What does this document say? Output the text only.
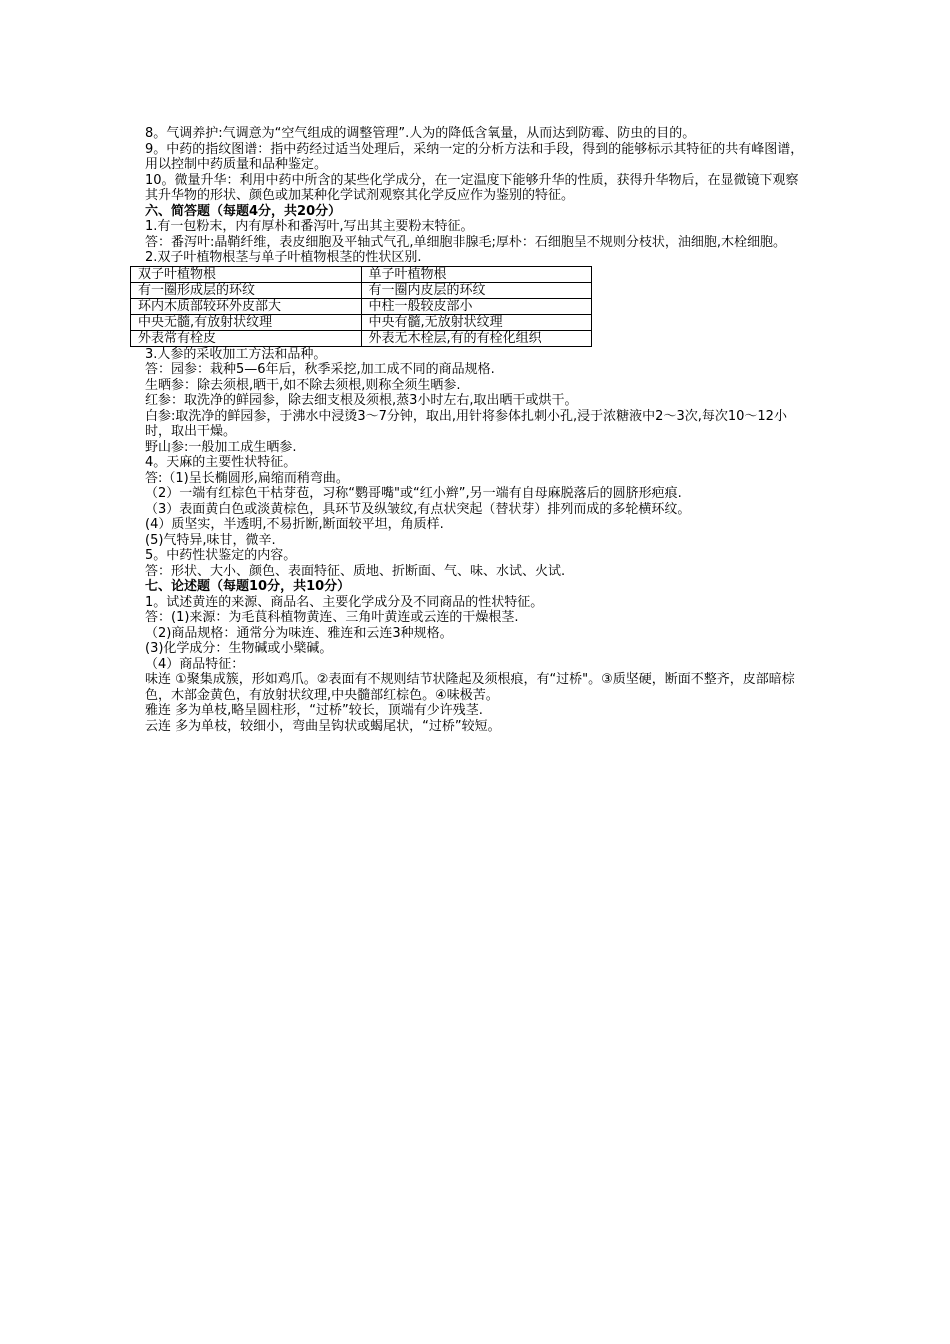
8。气调养护:气调意为“空气组成的调整管理”.人为的降低含氧量，从而达到防霉、防虫的目的。

9。中药的指纹图谱：指中药经过适当处理后，采纳一定的分析方法和手段，得到的能够标示其特征的共有峰图谱，用以控制中药质量和品种鉴定。

10。微量升华：利用中药中所含的某些化学成分，在一定温度下能够升华的性质，获得升华物后，在显微镜下观察其升华物的形状、颜色或加某种化学试剂观察其化学反应作为鉴别的特征。

六、简答题（每题4分，共20分）

1.有一包粉末，内有厚朴和番泻叶,写出其主要粉末特征。

答：番泻叶:晶鞘纤维，表皮细胞及平轴式气孔,单细胞非腺毛;厚朴：石细胞呈不规则分枝状，油细胞,木栓细胞。

2.双子叶植物根茎与单子叶植物根茎的性状区别.

双子叶植物根	单子叶植物根
有一圈形成层的环纹	有一圈内皮层的环纹
环内木质部较环外皮部大	中柱一般较皮部小
中央无髓,有放射状纹理	中央有髓,无放射状纹理
外表常有栓皮	外表无木栓层,有的有栓化组织

3.人参的采收加工方法和品种。

答：园参：栽种5—6年后，秋季采挖,加工成不同的商品规格.

生晒参：除去须根,晒干,如不除去须根,则称全须生晒参.

红参：取洗净的鲜园参，除去细支根及须根,蒸3小时左右,取出晒干或烘干。

白参:取洗净的鲜园参，于沸水中浸烫3～7分钟，取出,用针将参体扎刺小孔,浸于浓糖液中2～3次,每次10～12小时，取出干燥。

野山参:一般加工成生晒参.

4。天麻的主要性状特征。

答:（1)呈长椭圆形,扁缩而稍弯曲。

（2）一端有红棕色干枯芽苞，习称“鹦哥嘴"或“红小辫”,另一端有自母麻脱落后的圆脐形疤痕.

（3）表面黄白色或淡黄棕色，具环节及纵皱纹,有点状突起（替状芽）排列而成的多轮横环纹。

(4）质坚实，半透明,不易折断,断面较平坦，角质样.

(5)气特异,味甘，微辛.

5。中药性状鉴定的内容。

答：形状、大小、颜色、表面特征、质地、折断面、气、味、水试、火试.

七、论述题（每题10分，共10分）

1。试述黄连的来源、商品名、主要化学成分及不同商品的性状特征。

答：(1)来源：为毛茛科植物黄连、三角叶黄连或云连的干燥根茎.

（2)商品规格：通常分为味连、雅连和云连3种规格。

(3)化学成分：生物碱或小檗碱。

（4）商品特征：

味连 ①聚集成簇，形如鸡爪。②表面有不规则结节状隆起及须根痕，有“过桥"。③质坚硬，断面不整齐，皮部暗棕色，木部金黄色，有放射状纹理,中央髓部红棕色。④味极苦。

雅连 多为单枝,略呈圆柱形，“过桥”较长，顶端有少许残茎.

云连 多为单枝，较细小，弯曲呈钩状或蝎尾状，“过桥”较短。
